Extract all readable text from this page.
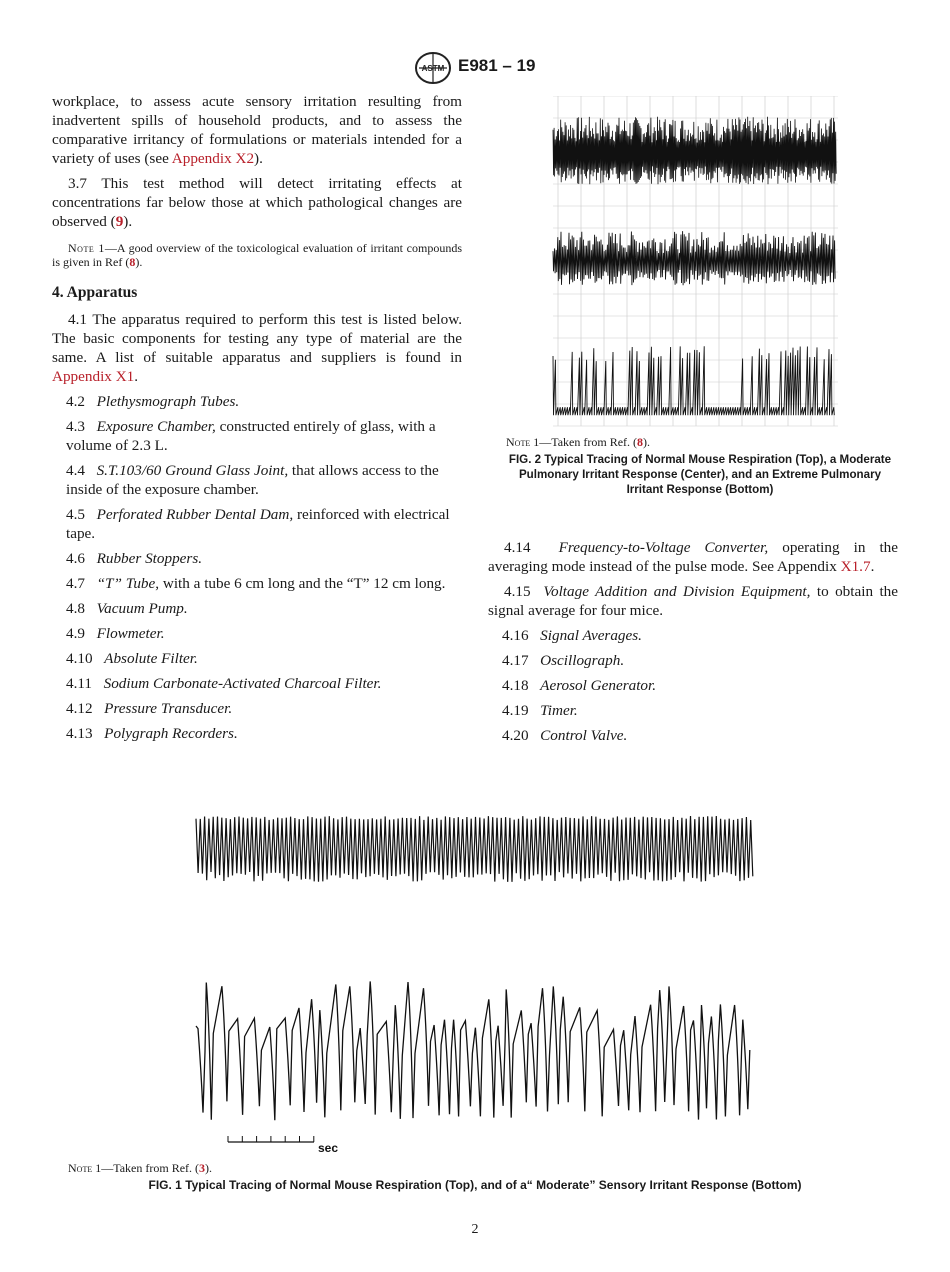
ASTM E981 – 19

workplace, to assess acute sensory irritation resulting from inadvertent spills of household products, and to assess the comparative irritancy of formulations or materials intended for a variety of uses (see Appendix X2).

3.7 This test method will detect irritating effects at concentrations far below those at which pathological changes are observed (9).

Note 1—A good overview of the toxicological evaluation of irritant compounds is given in Ref (8).

4. Apparatus

4.1 The apparatus required to perform this test is listed below. The basic components for testing any type of material are the same. A list of suitable apparatus and suppliers is found in Appendix X1.

4.2 Plethysmograph Tubes.

4.3 Exposure Chamber, constructed entirely of glass, with a volume of 2.3 L.

4.4 S.T.103/60 Ground Glass Joint, that allows access to the inside of the exposure chamber.

4.5 Perforated Rubber Dental Dam, reinforced with electrical tape.

4.6 Rubber Stoppers.

4.7 “T” Tube, with a tube 6 cm long and the “T” 12 cm long.

4.8 Vacuum Pump.

4.9 Flowmeter.

4.10 Absolute Filter.

4.11 Sodium Carbonate-Activated Charcoal Filter.

4.12 Pressure Transducer.

4.13 Polygraph Recorders.

Note 1—Taken from Ref. (8).
FIG. 2 Typical Tracing of Normal Mouse Respiration (Top), a Moderate Pulmonary Irritant Response (Center), and an Extreme Pulmonary Irritant Response (Bottom)

4.14 Frequency-to-Voltage Converter, operating in the averaging mode instead of the pulse mode. See Appendix X1.7.

4.15 Voltage Addition and Division Equipment, to obtain the signal average for four mice.

4.16 Signal Averages.

4.17 Oscillograph.

4.18 Aerosol Generator.

4.19 Timer.

4.20 Control Valve.

sec
Note 1—Taken from Ref. (3).
FIG. 1 Typical Tracing of Normal Mouse Respiration (Top), and of a“ Moderate” Sensory Irritant Response (Bottom)
2
